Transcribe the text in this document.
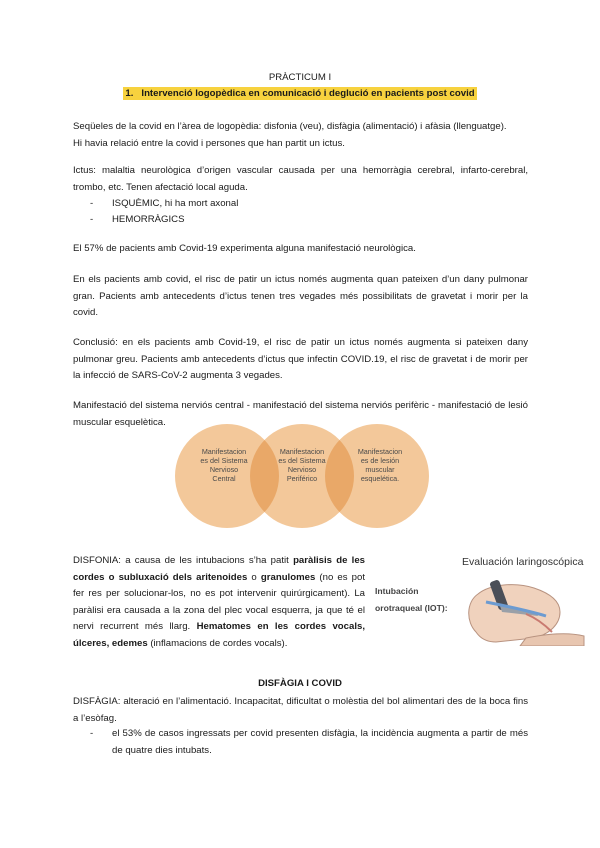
PRÀCTICUM I
1. Intervenció logopèdica en comunicació i deglució en pacients post covid
Seqüeles de la covid en l’àrea de logopèdia: disfonia (veu), disfàgia (alimentació) i afàsia (llenguatge).
Hi havia relació entre la covid i persones que han partit un ictus.
Ictus: malaltia neurològica d’origen vascular causada per una hemorràgia cerebral, infarto-cerebral, trombo, etc. Tenen afectació local aguda.
- ISQUÈMIC, hi ha mort axonal
- HEMORRÀGICS
El 57% de pacients amb Covid-19 experimenta alguna manifestació neurològica.
En els pacients amb covid, el risc de patir un ictus només augmenta quan pateixen d’un dany pulmonar gran. Pacients amb antecedents d’ictus tenen tres vegades més possibilitats de gravetat i morir per la covid.
Conclusió: en els pacients amb Covid-19, el risc de patir un ictus només augmenta si pateixen dany pulmonar greu. Pacients amb antecedents d’ictus que infectin COVID.19, el risc de gravetat i de morir per la infecció de SARS-CoV-2 augmenta 3 vegades.
Manifestació del sistema nerviós central - manifestació del sistema nerviós perifèric - manifestació de lesió muscular esquelètica.
Manifestacion
es del Sistema
Nervioso
Central
Manifestacion
es del Sistema
Nervioso
Periférico
Manifestacion
es de lesión
muscular
esquelética.
DISFONIA: a causa de les intubacions s’ha patit paràlisis de les cordes o subluxació dels aritenoides o granulomes (no es pot fer res per solucionar-los, no es pot intervenir quirúrgicament). La paràlisi era causada a la zona del plec vocal esquerra, ja que té el nervi recurrent més llarg. Hematomes en les cordes vocals, úlceres, edemes (inflamacions de cordes vocals).
Evaluación laringoscópica
Intubación
orotraqueal (IOT):
DISFÀGIA I COVID
DISFÀGIA: alteració en l’alimentació. Incapacitat, dificultat o molèstia del bol alimentari des de la boca fins a l’esòfag.
-	el 53% de casos ingressats per covid presenten disfàgia, la incidència augmenta a partir de més de quatre dies intubats.
